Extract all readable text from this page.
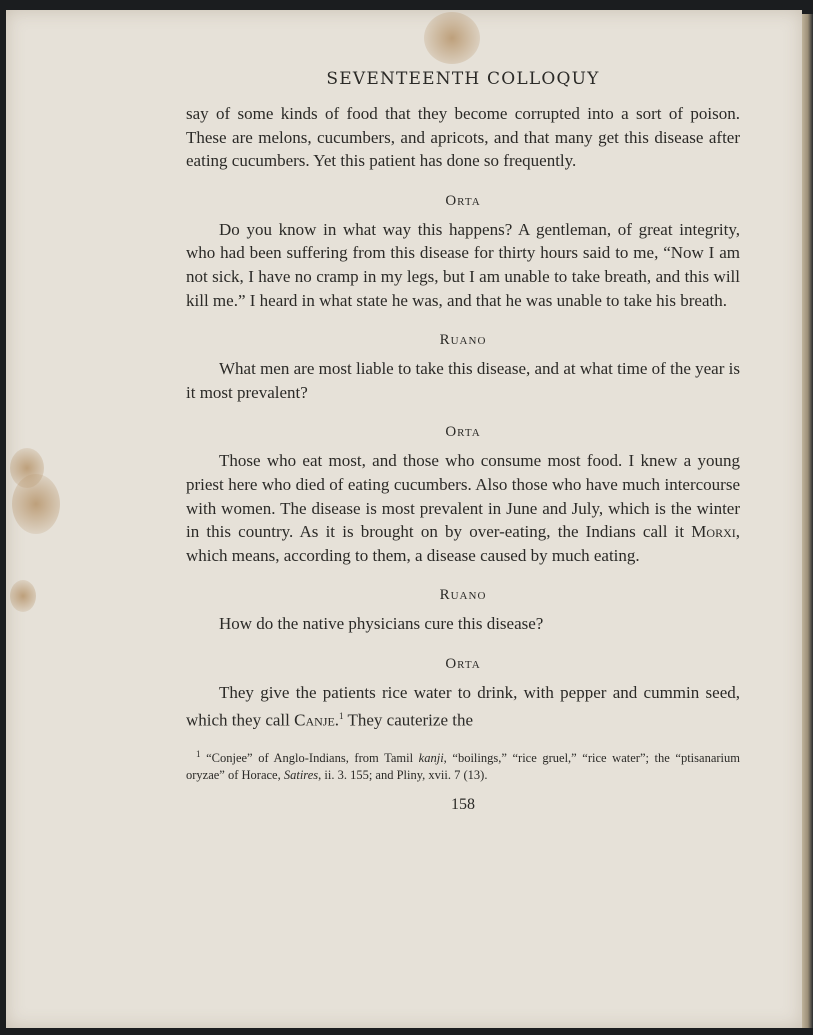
SEVENTEENTH COLLOQUY

say of some kinds of food that they become corrupted into a sort of poison. These are melons, cucumbers, and apricots, and that many get this disease after eating cucumbers. Yet this patient has done so frequently.

Orta

Do you know in what way this happens? A gentleman, of great integrity, who had been suffering from this disease for thirty hours said to me, “Now I am not sick, I have no cramp in my legs, but I am unable to take breath, and this will kill me.” I heard in what state he was, and that he was unable to take his breath.

Ruano

What men are most liable to take this disease, and at what time of the year is it most prevalent?

Orta

Those who eat most, and those who consume most food. I knew a young priest here who died of eating cucumbers. Also those who have much intercourse with women. The disease is most prevalent in June and July, which is the winter in this country. As it is brought on by over-eating, the Indians call it Morxi, which means, according to them, a disease caused by much eating.

Ruano

How do the native physicians cure this disease?

Orta

They give the patients rice water to drink, with pepper and cummin seed, which they call Canje.$^1$ They cauterize the

$^1$ “Conjee” of Anglo-Indians, from Tamil kanji, “boilings,” “rice gruel,” “rice water”; the “ptisanarium oryzae” of Horace, Satires, ii. 3. 155; and Pliny, xvii. 7 (13).
158
